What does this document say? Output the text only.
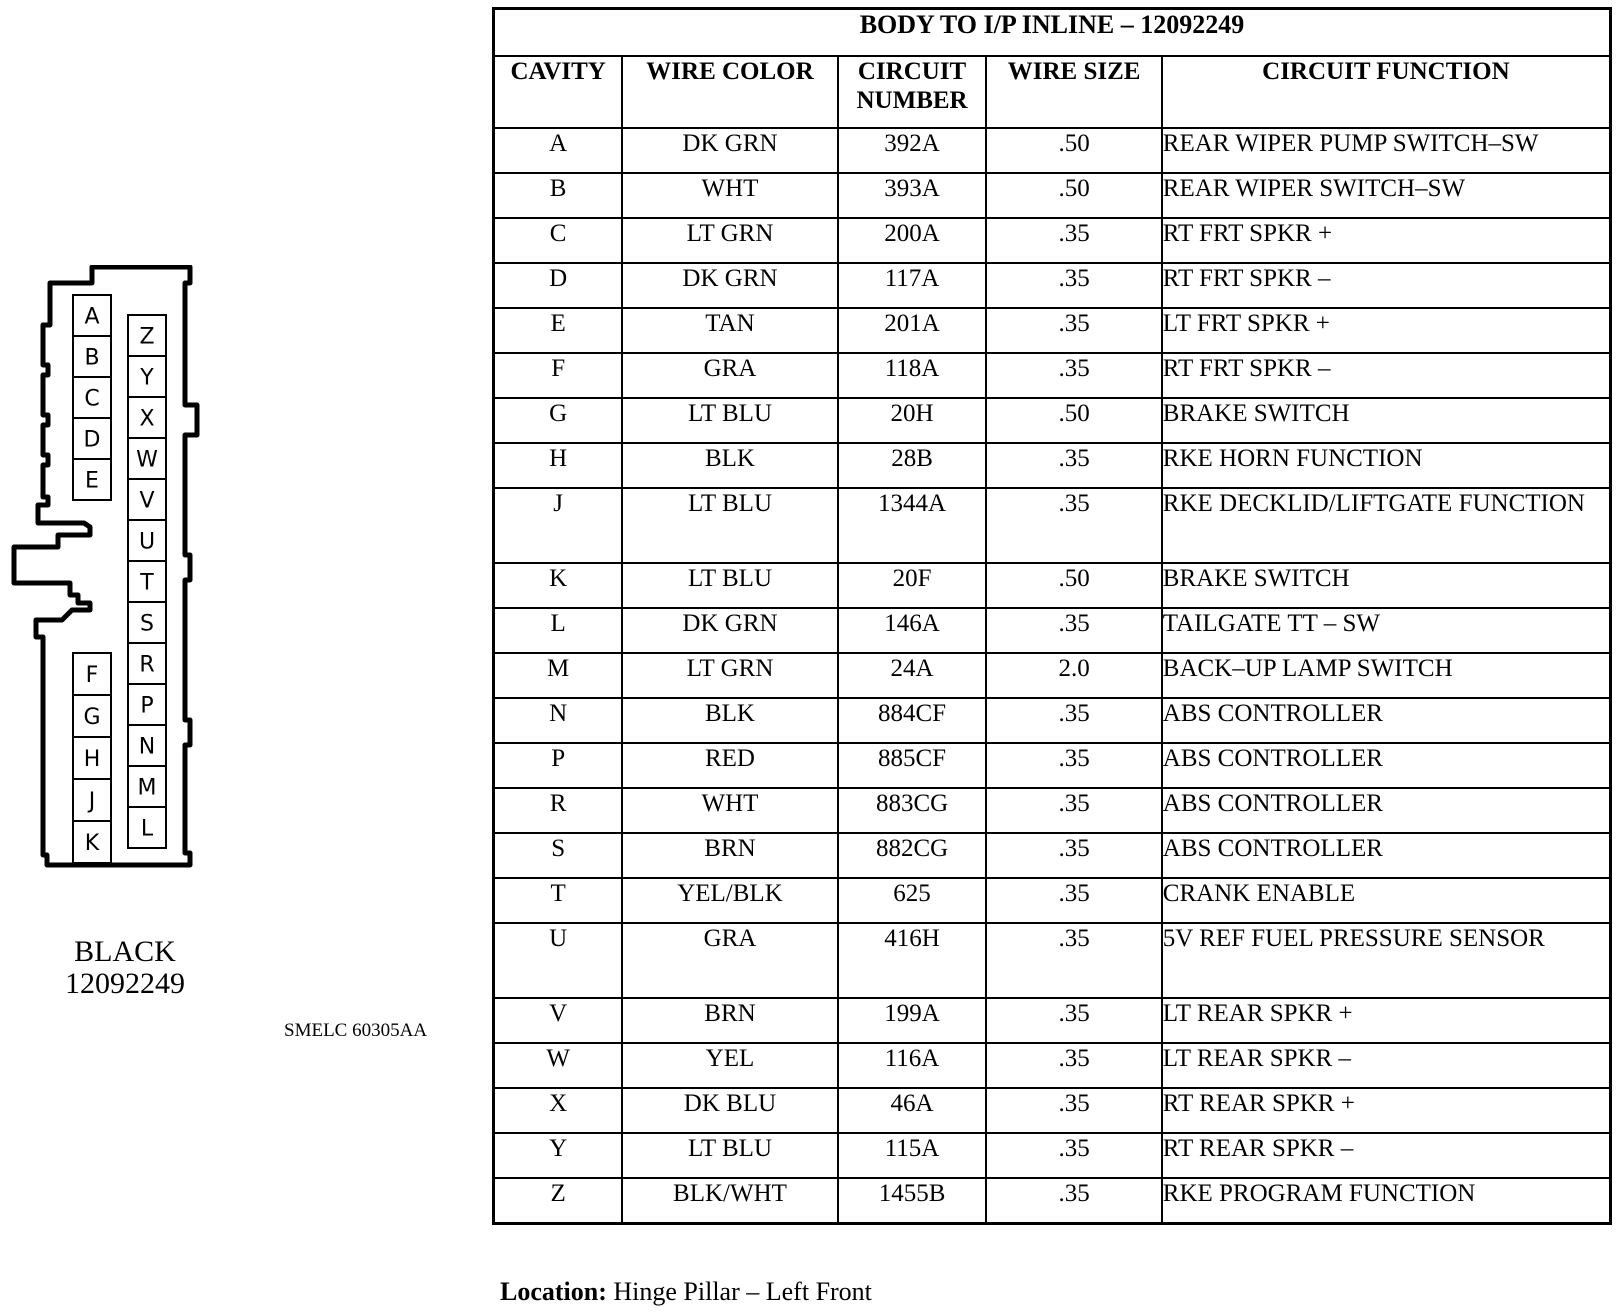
A
B
C
D
E
F
G
H
J
K
Z
Y
X
W
V
U
T
S
R
P
N
M
L
BLACK
12092249
SMELC 60305AA
BODY TO I/P INLINE – 12092249				
CAVITY	WIRE COLOR	CIRCUIT NUMBER	WIRE SIZE	CIRCUIT FUNCTION
A	DK GRN	392A	.50	REAR WIPER PUMP SWITCH–SW
B	WHT	393A	.50	REAR WIPER SWITCH–SW
C	LT GRN	200A	.35	RT FRT SPKR +
D	DK GRN	117A	.35	RT FRT SPKR –
E	TAN	201A	.35	LT FRT SPKR +
F	GRA	118A	.35	RT FRT SPKR –
G	LT BLU	20H	.50	BRAKE SWITCH
H	BLK	28B	.35	RKE HORN FUNCTION
J	LT BLU	1344A	.35	RKE DECKLID/LIFTGATE FUNCTION
K	LT BLU	20F	.50	BRAKE SWITCH
L	DK GRN	146A	.35	TAILGATE TT – SW
M	LT GRN	24A	2.0	BACK–UP LAMP SWITCH
N	BLK	884CF	.35	ABS CONTROLLER
P	RED	885CF	.35	ABS CONTROLLER
R	WHT	883CG	.35	ABS CONTROLLER
S	BRN	882CG	.35	ABS CONTROLLER
T	YEL/BLK	625	.35	CRANK ENABLE
U	GRA	416H	.35	5V REF FUEL PRESSURE SENSOR
V	BRN	199A	.35	LT REAR SPKR +
W	YEL	116A	.35	LT REAR SPKR –
X	DK BLU	46A	.35	RT REAR SPKR +
Y	LT BLU	115A	.35	RT REAR SPKR –
Z	BLK/WHT	1455B	.35	RKE PROGRAM FUNCTION
Location: Hinge Pillar – Left Front
